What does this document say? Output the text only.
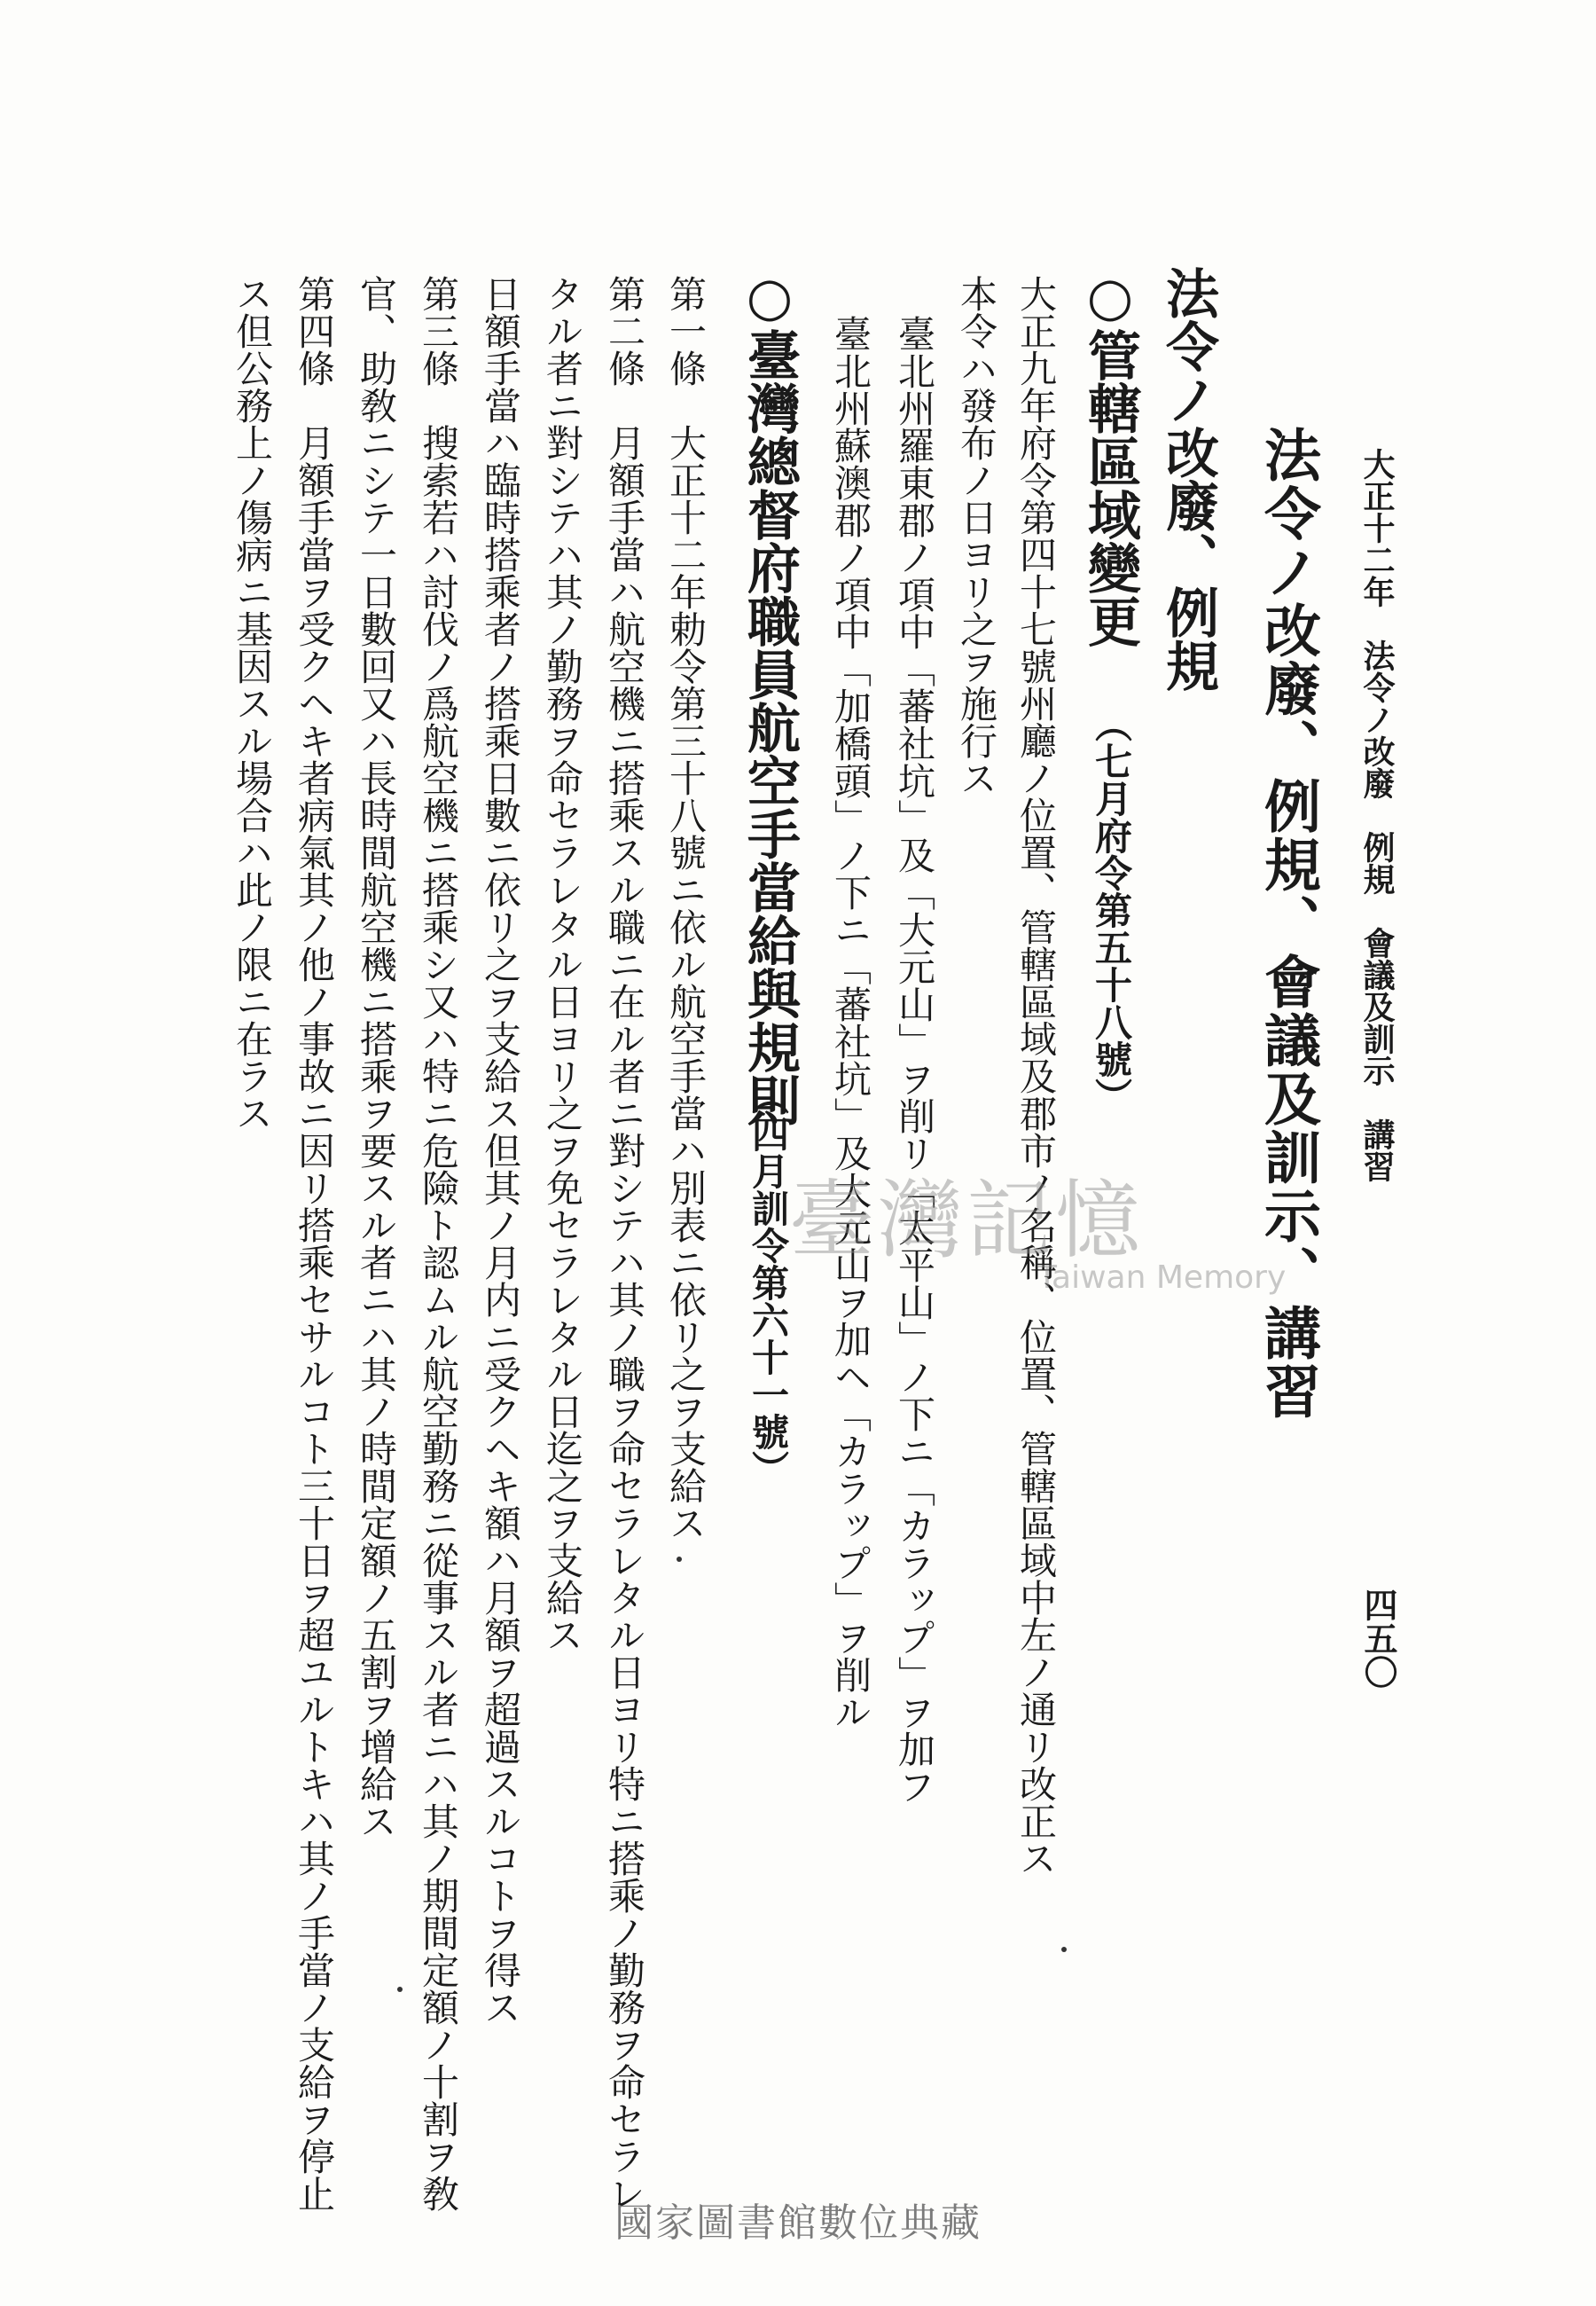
大正十二年　法令ノ改廢　例規　會議及訓示　講習
四五〇
法令ノ改廢、例規、會議及訓示、講習
法令ノ改廢、例規
○管轄區域變更
（七月府令第五十八號）
大正九年府令第四十七號州廳ノ位置、管轄區域及郡市ノ名稱、位置、管轄區域中左ノ通リ改正ス
本令ハ發布ノ日ヨリ之ヲ施行ス
臺北州羅東郡ノ項中「蕃社坑」及「大元山」ヲ削リ「太平山」ノ下ニ「カラップ」ヲ加フ
臺北州蘇澳郡ノ項中「加橋頭」ノ下ニ「蕃社坑」及大元山ヲ加ヘ「カラップ」ヲ削ル
○臺灣總督府職員航空手當給與規則
（四月訓令第六十一號）
第一條　大正十二年勅令第三十八號ニ依ル航空手當ハ別表ニ依リ之ヲ支給ス
第二條　月額手當ハ航空機ニ搭乘スル職ニ在ル者ニ對シテハ其ノ職ヲ命セラレタル日ヨリ特ニ搭乘ノ勤務ヲ命セラレ
タル者ニ對シテハ其ノ勤務ヲ命セラレタル日ヨリ之ヲ免セラレタル日迄之ヲ支給ス
日額手當ハ臨時搭乘者ノ搭乘日數ニ依リ之ヲ支給ス但其ノ月内ニ受クヘキ額ハ月額ヲ超過スルコトヲ得ス
第三條　搜索若ハ討伐ノ爲航空機ニ搭乘シ又ハ特ニ危險ト認ムル航空勤務ニ從事スル者ニハ其ノ期間定額ノ十割ヲ敎
官、助敎ニシテ一日數回又ハ長時間航空機ニ搭乘ヲ要スル者ニハ其ノ時間定額ノ五割ヲ增給ス
第四條　月額手當ヲ受クヘキ者病氣其ノ他ノ事故ニ因リ搭乘セサルコト三十日ヲ超ユルトキハ其ノ手當ノ支給ヲ停止
ス但公務上ノ傷病ニ基因スル場合ハ此ノ限ニ在ラス
臺灣記憶
Taiwan Memory
國家圖書館數位典藏
